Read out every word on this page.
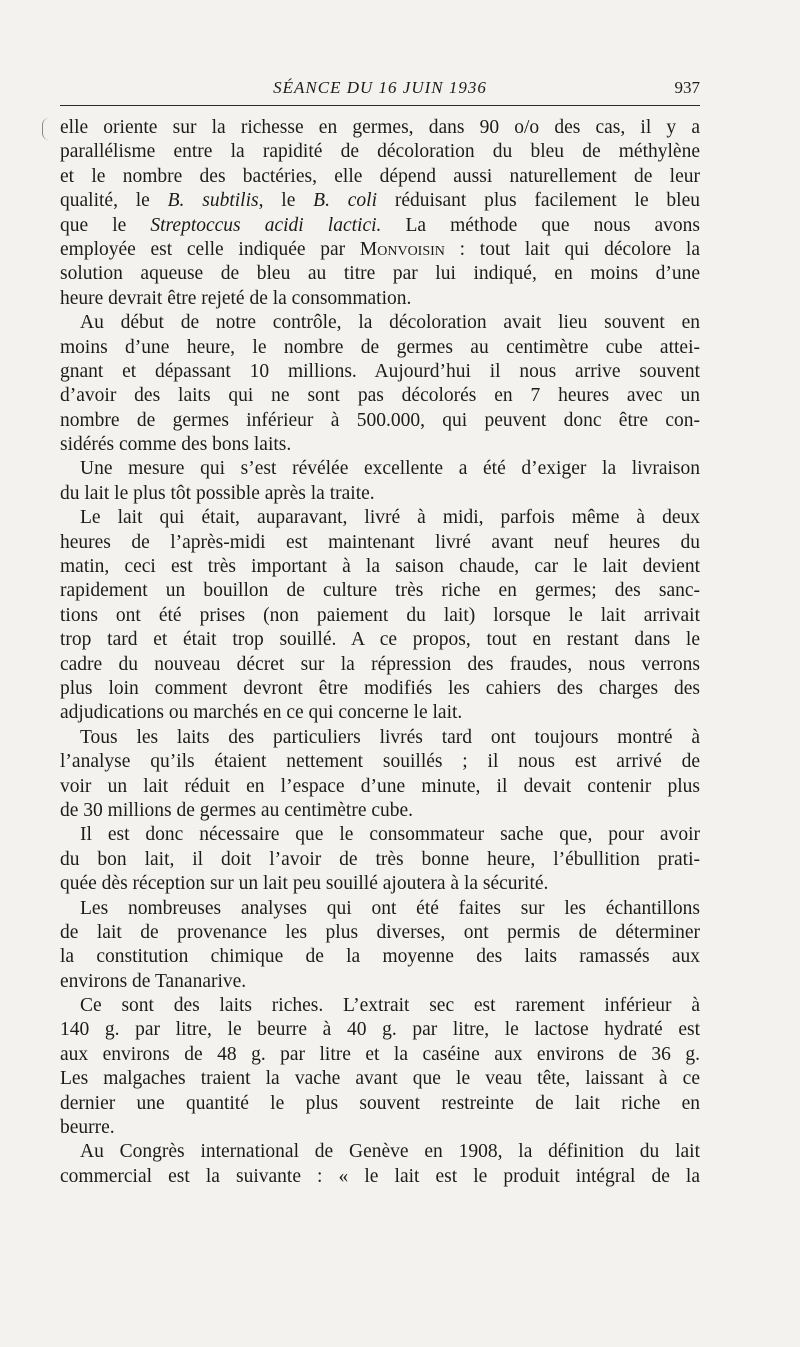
SÉANCE DU 16 JUIN 1936	937
elle oriente sur la richesse en germes, dans 90 o/o des cas, il y a
parallélisme entre la rapidité de décoloration du bleu de méthylène
et le nombre des bactéries, elle dépend aussi naturellement de leur
qualité, le B. subtilis, le B. coli réduisant plus facilement le bleu
que le Streptoccus acidi lactici. La méthode que nous avons
employée est celle indiquée par Monvoisin : tout lait qui décolore la
solution aqueuse de bleu au titre par lui indiqué, en moins d’une
heure devrait être rejeté de la consommation.
Au début de notre contrôle, la décoloration avait lieu souvent en
moins d’une heure, le nombre de germes au centimètre cube attei-
gnant et dépassant 10 millions. Aujourd’hui il nous arrive souvent
d’avoir des laits qui ne sont pas décolorés en 7 heures avec un
nombre de germes inférieur à 500.000, qui peuvent donc être con-
sidérés comme des bons laits.
Une mesure qui s’est révélée excellente a été d’exiger la livraison
du lait le plus tôt possible après la traite.
Le lait qui était, auparavant, livré à midi, parfois même à deux
heures de l’après-midi est maintenant livré avant neuf heures du
matin, ceci est très important à la saison chaude, car le lait devient
rapidement un bouillon de culture très riche en germes; des sanc-
tions ont été prises (non paiement du lait) lorsque le lait arrivait
trop tard et était trop souillé. A ce propos, tout en restant dans le
cadre du nouveau décret sur la répression des fraudes, nous verrons
plus loin comment devront être modifiés les cahiers des charges des
adjudications ou marchés en ce qui concerne le lait.
Tous les laits des particuliers livrés tard ont toujours montré à
l’analyse qu’ils étaient nettement souillés ; il nous est arrivé de
voir un lait réduit en l’espace d’une minute, il devait contenir plus
de 30 millions de germes au centimètre cube.
Il est donc nécessaire que le consommateur sache que, pour avoir
du bon lait, il doit l’avoir de très bonne heure, l’ébullition prati-
quée dès réception sur un lait peu souillé ajoutera à la sécurité.
Les nombreuses analyses qui ont été faites sur les échantillons
de lait de provenance les plus diverses, ont permis de déterminer
la constitution chimique de la moyenne des laits ramassés aux
environs de Tananarive.
Ce sont des laits riches. L’extrait sec est rarement inférieur à
140 g. par litre, le beurre à 40 g. par litre, le lactose hydraté est
aux environs de 48 g. par litre et la caséine aux environs de 36 g.
Les malgaches traient la vache avant que le veau tête, laissant à ce
dernier une quantité le plus souvent restreinte de lait riche en
beurre.
Au Congrès international de Genève en 1908, la définition du lait
commercial est la suivante : « le lait est le produit intégral de la
